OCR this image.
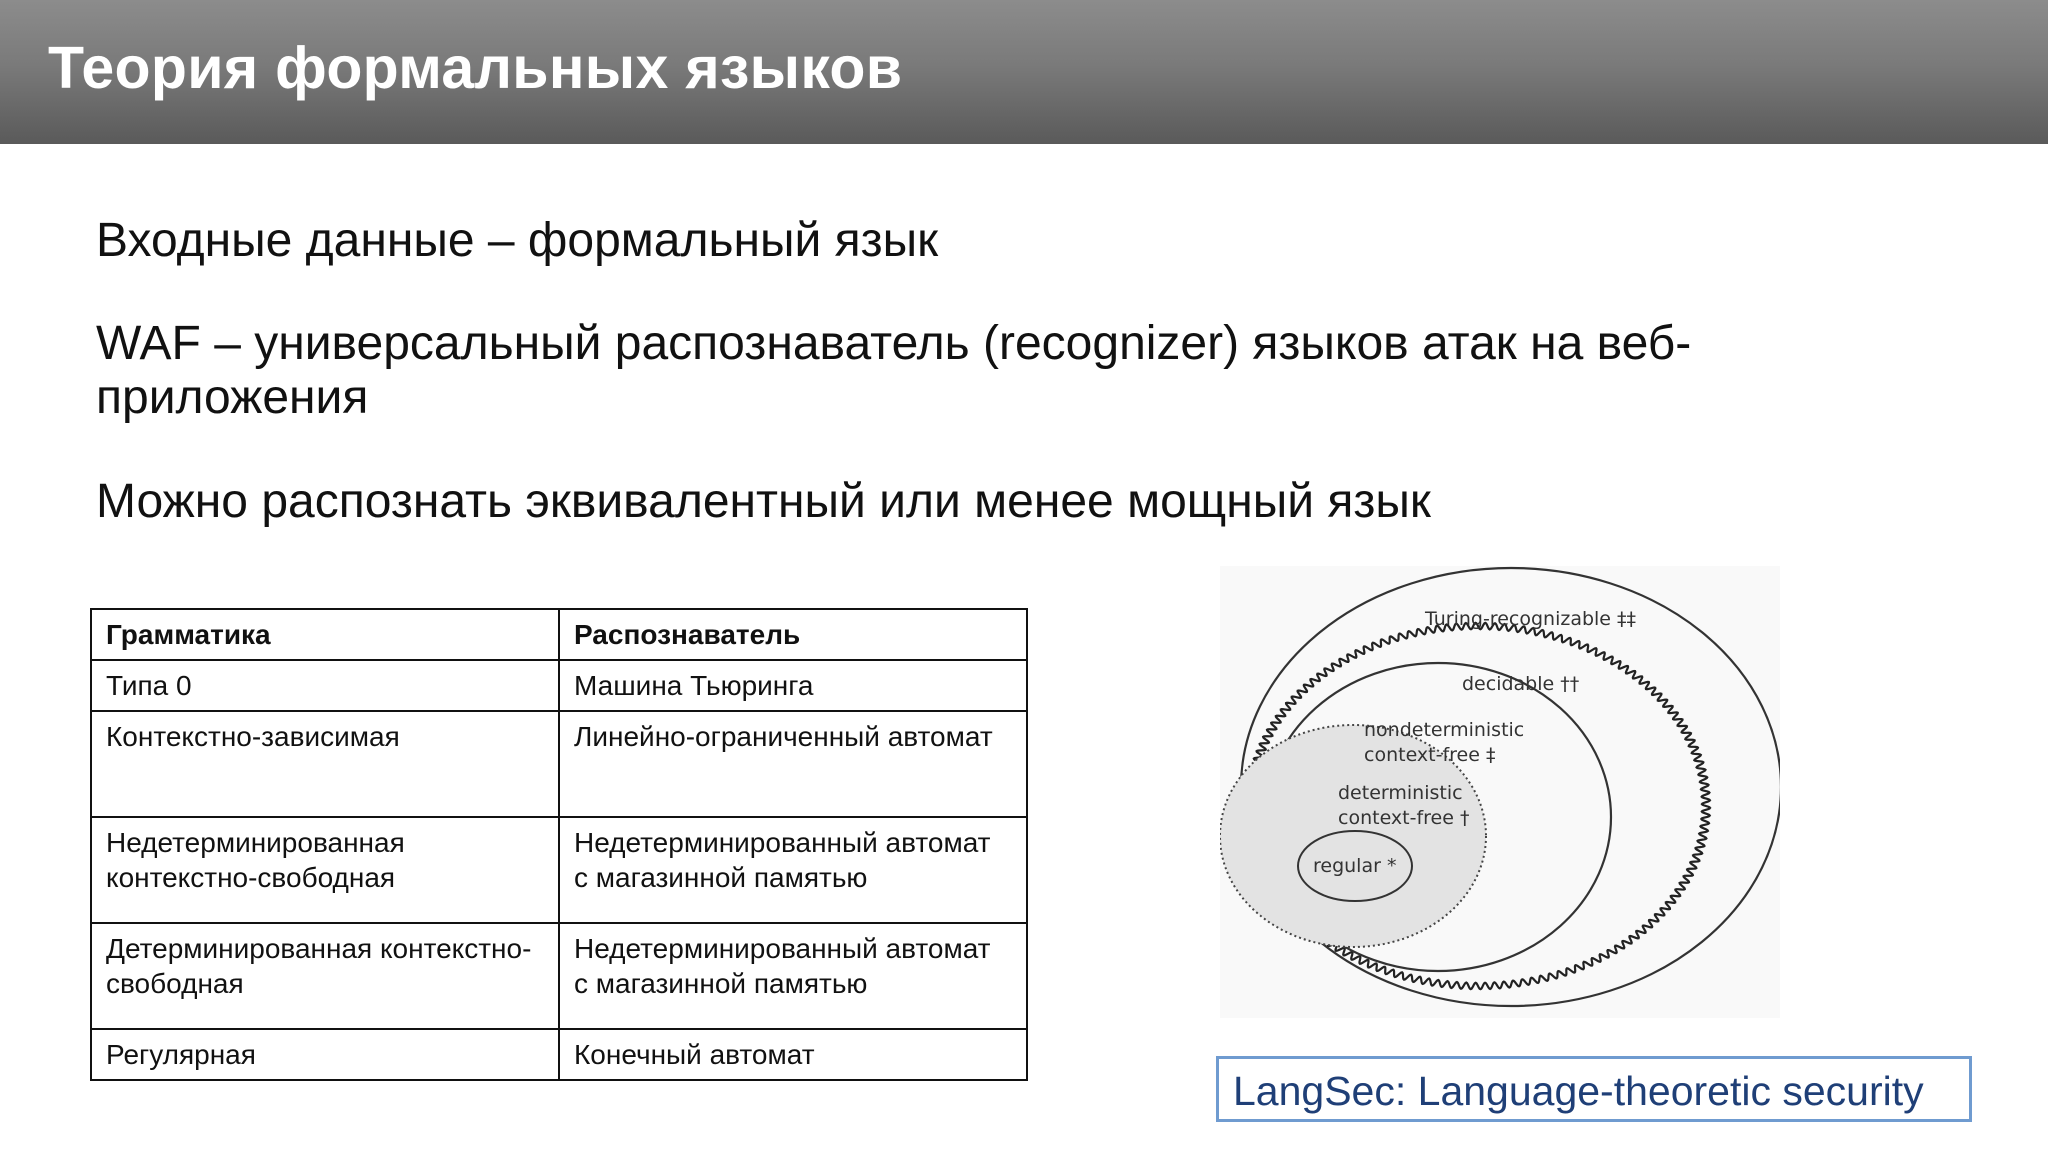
Теория формальных языков
Входные данные – формальный язык
WAF – универсальный распознаватель (recognizer) языков атак на веб-приложения
Можно распознать эквивалентный или менее мощный язык
Грамматика	Распознаватель
Типа 0	Машина Тьюринга
Контекстно-зависимая	Линейно-ограниченный автомат
Недетерминированная контекстно-свободная	Недетерминированный автомат с магазинной памятью
Детерминированная контекстно-свободная	Недетерминированный автомат с магазинной памятью
Регулярная	Конечный автомат
Turing-recognizable ‡‡
decidable ††
nondeterministic
context-free ‡
deterministic
context-free †
regular *
LangSec: Language-theoretic security
